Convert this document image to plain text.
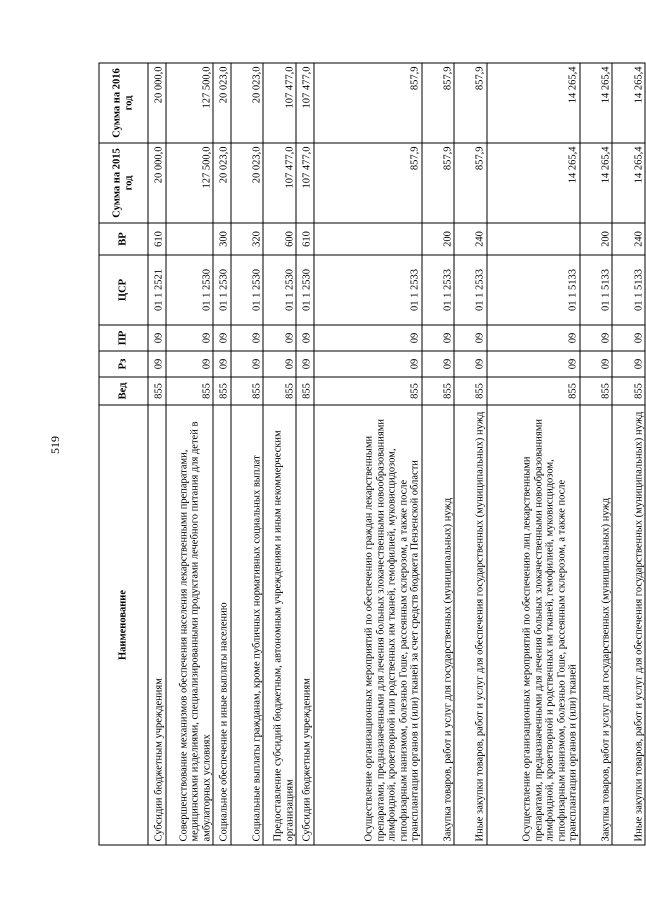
519
Наименование	Вед	Рз	ПР	ЦСР	ВР	Сумма на 2015 год	Сумма на 2016 год
Субсидии бюджетным учреждениям	855	09	09	01 1 2521	610	20 000,0	20 000,0
Совершенствование механизмов обеспечения населения лекарственными препаратами, медицинскими изделиями, специализированными продуктами лечебного питания для детей в амбулаторных условиях	855	09	09	01 1 2530		127 500,0	127 500,0
Социальное обеспечение и иные выплаты населению	855	09	09	01 1 2530	300	20 023,0	20 023,0
Социальные выплаты гражданам, кроме публичных нормативных социальных выплат	855	09	09	01 1 2530	320	20 023,0	20 023,0
Предоставление субсидий бюджетным, автономным учреждениям и иным некоммерческим организациям	855	09	09	01 1 2530	600	107 477,0	107 477,0
Субсидии бюджетным учреждениям	855	09	09	01 1 2530	610	107 477,0	107 477,0
Осуществление организационных мероприятий по обеспечению граждан лекарственными препаратами, предназначенными для лечения больных злокачественными новообразованиями лимфоидной, кроветворной или родственных им тканей, гемофилией, муковисцидозом, гипофизарным нанизмом, болезнью Гоше, рассеянным склерозом, а также после трансплантации органов и (или) тканей за счет средств бюджета Пензенской области	855	09	09	01 1 2533		857,9	857,9
Закупка товаров, работ и услуг для государственных (муниципальных) нужд	855	09	09	01 1 2533	200	857,9	857,9
Иные закупки товаров, работ и услуг для обеспечения государственных (муниципальных) нужд	855	09	09	01 1 2533	240	857,9	857,9
Осуществление организационных мероприятий по обеспечению лиц лекарственными препаратами, предназначенными для лечения больных злокачественными новообразованиями лимфоидной, кроветворной и родственных им тканей, гемофилией, муковисцидозом, гипофизарным нанизмом, болезнью Гоше, рассеянным склерозом, а также после трансплантации органов и (или) тканей	855	09	09	01 1 5133		14 265,4	14 265,4
Закупка товаров, работ и услуг для государственных (муниципальных) нужд	855	09	09	01 1 5133	200	14 265,4	14 265,4
Иные закупки товаров, работ и услуг для обеспечения государственных (муниципальных) нужд	855	09	09	01 1 5133	240	14 265,4	14 265,4
